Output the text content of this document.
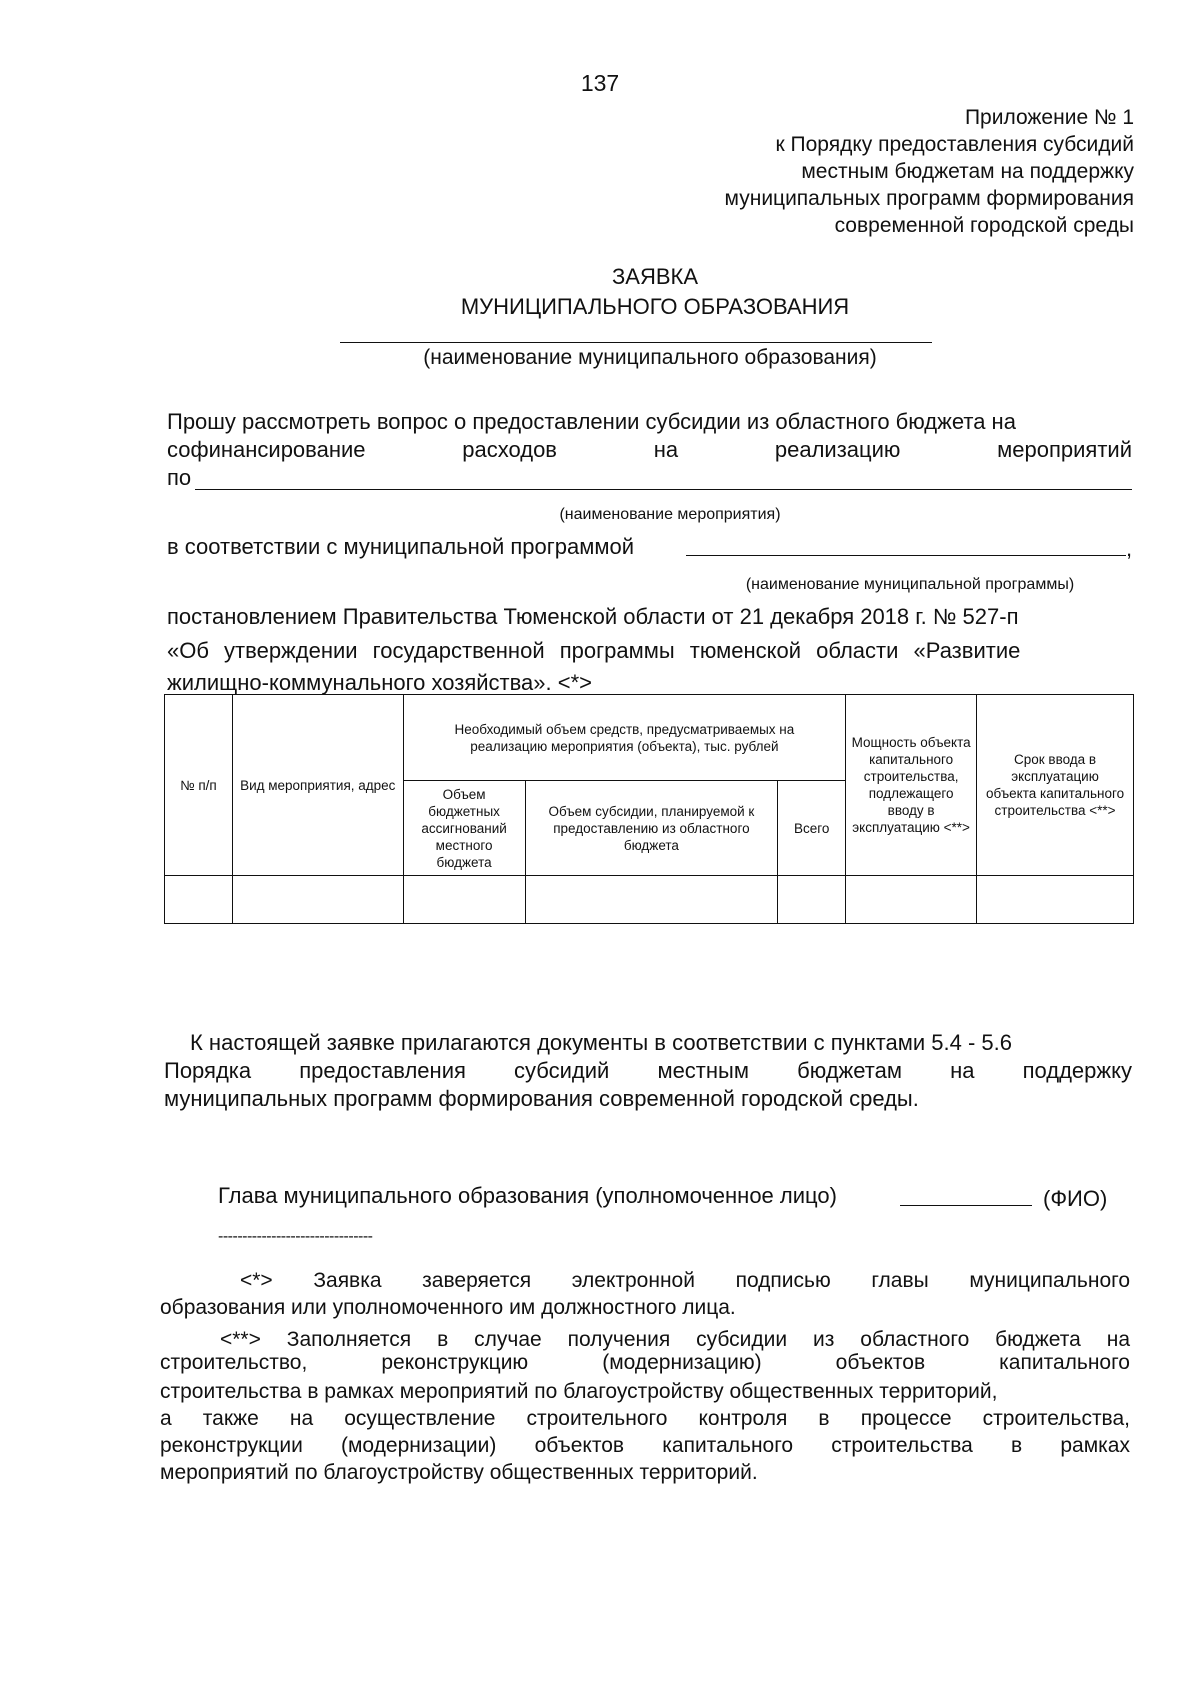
137
Приложение № 1
к Порядку предоставления субсидий
местным бюджетам на поддержку
муниципальных программ формирования
современной городской среды
ЗАЯВКА
МУНИЦИПАЛЬНОГО ОБРАЗОВАНИЯ
(наименование муниципального образования)
Прошу рассмотреть вопрос о предоставлении субсидии из областного бюджета на
софинансирование расходов на реализацию мероприятий
по
(наименование мероприятия)
в соответствии с муниципальной программой	,
(наименование муниципальной программы)
постановлением Правительства Тюменской области от 21 декабря 2018 г. № 527-п
«Об утверждении государственной программы тюменской области «Развитие
жилищно-коммунального хозяйства». <*>
№ п/п	Вид мероприятия, адрес	Необходимый объем средств, предусматриваемых на реализацию мероприятия (объекта), тыс. рублей			Мощность объекта капитального строительства, подлежащего вводу в эксплуатацию <**>	Срок ввода в эксплуатацию объекта капитального строительства <**>
		Объем бюджетных ассигнований местного бюджета	Объем субсидии, планируемой к предоставлению из областного бюджета	Всего		

К настоящей заявке прилагаются документы в соответствии с пунктами 5.4 - 5.6
Порядка предоставления субсидий местным бюджетам на поддержку
муниципальных программ формирования современной городской среды.
Глава муниципального образования (уполномоченное лицо)	(ФИО)
--------------------------------
<*> Заявка заверяется электронной подписью главы муниципального
образования или уполномоченного им должностного лица.
<**> Заполняется в случае получения субсидии из областного бюджета на
строительство, реконструкцию (модернизацию) объектов капитального
строительства в рамках мероприятий по благоустройству общественных территорий,
а также на осуществление строительного контроля в процессе строительства,
реконструкции (модернизации) объектов капитального строительства в рамках
мероприятий по благоустройству общественных территорий.
